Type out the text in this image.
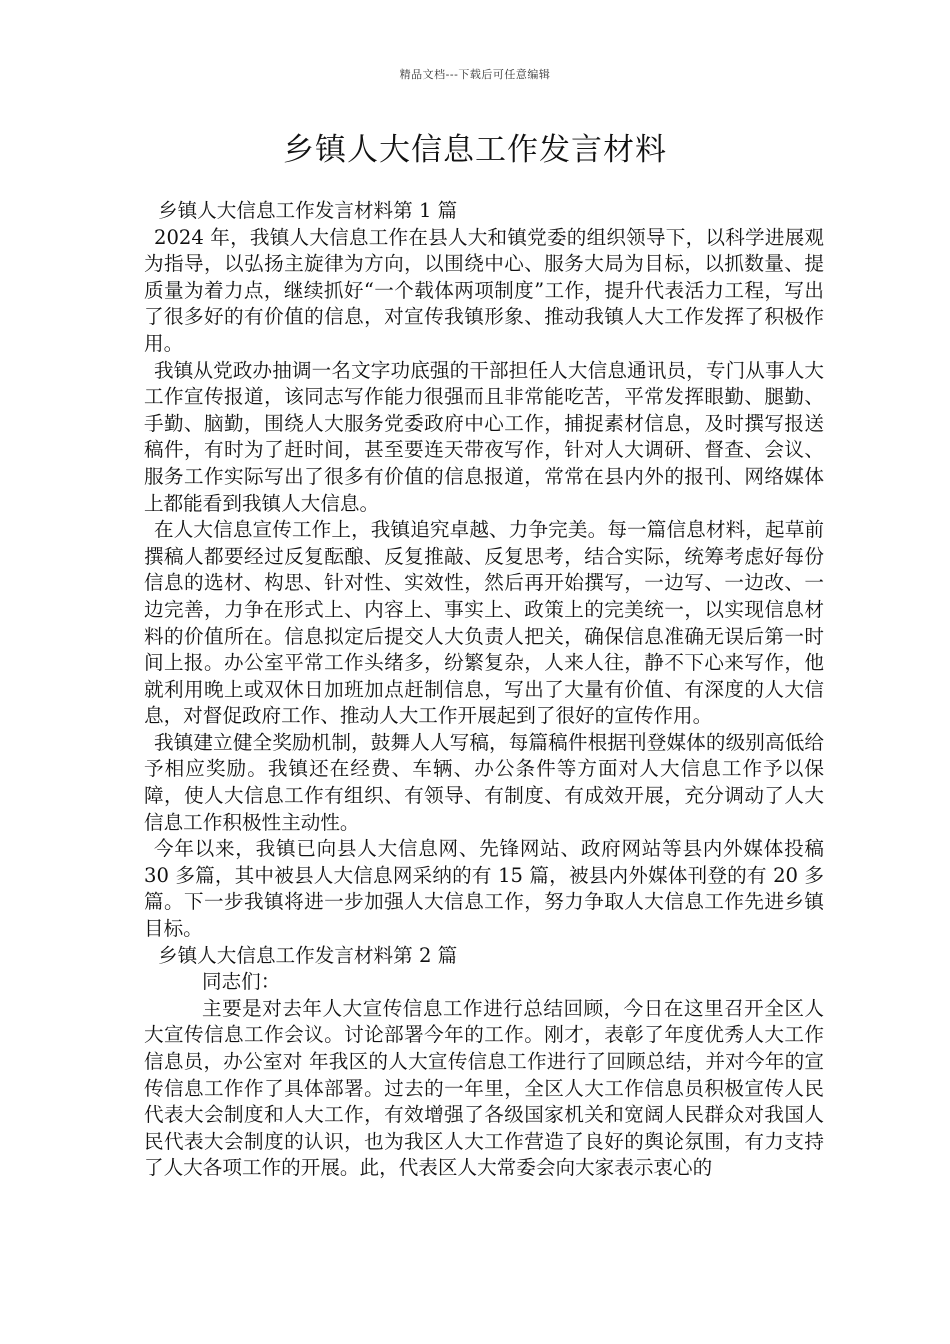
精品文档---下载后可任意编辑
乡镇人大信息工作发言材料

乡镇人大信息工作发言材料第 1 篇

2024 年，我镇人大信息工作在县人大和镇党委的组织领导下，以科学进展观为指导，以弘扬主旋律为方向，以围绕中心、服务大局为目标，以抓数量、提质量为着力点，继续抓好“一个载体两项制度”工作，提升代表活力工程，写出了很多好的有价值的信息，对宣传我镇形象、推动我镇人大工作发挥了积极作用。

我镇从党政办抽调一名文字功底强的干部担任人大信息通讯员，专门从事人大工作宣传报道，该同志写作能力很强而且非常能吃苦，平常发挥眼勤、腿勤、手勤、脑勤，围绕人大服务党委政府中心工作，捕捉素材信息，及时撰写报送稿件，有时为了赶时间，甚至要连天带夜写作，针对人大调研、督查、会议、服务工作实际写出了很多有价值的信息报道，常常在县内外的报刊、网络媒体上都能看到我镇人大信息。

在人大信息宣传工作上，我镇追究卓越、力争完美。每一篇信息材料，起草前撰稿人都要经过反复酝酿、反复推敲、反复思考，结合实际，统筹考虑好每份信息的选材、构思、针对性、实效性，然后再开始撰写，一边写、一边改、一边完善，力争在形式上、内容上、事实上、政策上的完美统一，以实现信息材料的价值所在。信息拟定后提交人大负责人把关，确保信息准确无误后第一时间上报。办公室平常工作头绪多，纷繁复杂，人来人往，静不下心来写作，他就利用晚上或双休日加班加点赶制信息，写出了大量有价值、有深度的人大信息，对督促政府工作、推动人大工作开展起到了很好的宣传作用。

我镇建立健全奖励机制，鼓舞人人写稿，每篇稿件根据刊登媒体的级别高低给予相应奖励。我镇还在经费、车辆、办公条件等方面对人大信息工作予以保障，使人大信息工作有组织、有领导、有制度、有成效开展，充分调动了人大信息工作积极性主动性。

今年以来，我镇已向县人大信息网、先锋网站、政府网站等县内外媒体投稿 30 多篇，其中被县人大信息网采纳的有 15 篇，被县内外媒体刊登的有 20 多篇。下一步我镇将进一步加强人大信息工作，努力争取人大信息工作先进乡镇目标。

乡镇人大信息工作发言材料第 2 篇

同志们：

主要是对去年人大宣传信息工作进行总结回顾，今日在这里召开全区人大宣传信息工作会议。讨论部署今年的工作。刚才，表彰了年度优秀人大工作信息员，办公室对 年我区的人大宣传信息工作进行了回顾总结，并对今年的宣传信息工作作了具体部署。过去的一年里，全区人大工作信息员积极宣传人民代表大会制度和人大工作，有效增强了各级国家机关和宽阔人民群众对我国人民代表大会制度的认识，也为我区人大工作营造了良好的舆论氛围，有力支持了人大各项工作的开展。此，代表区人大常委会向大家表示衷心的
